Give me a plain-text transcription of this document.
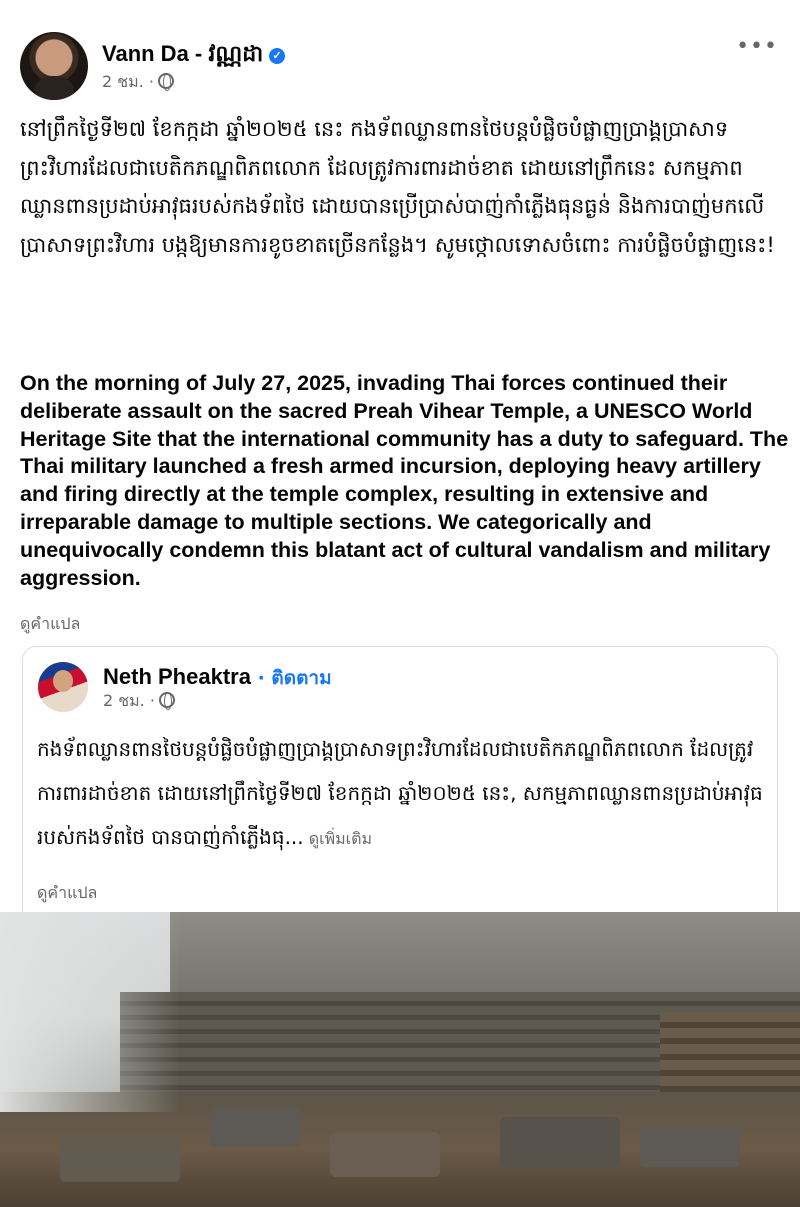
Vann Da - វណ្ណដា ✓
2 ชม. ·
•••
នៅព្រឹកថ្ងៃទី២៧ ខែកក្កដា ឆ្នាំ២០២៥ នេះ កងទ័ពឈ្លានពានថៃបន្តបំផ្លិចបំផ្លាញប្រាង្គប្រាសាទព្រះវិហារដែលជាបេតិកភណ្ឌពិភពលោក ដែលត្រូវការពារដាច់ខាត ដោយនៅព្រឹកនេះ សកម្មភាពឈ្លានពានប្រដាប់អាវុធរបស់កងទ័ពថៃ ដោយបានប្រើប្រាស់បាញ់កាំភ្លើងធុនធ្ងន់ និងការបាញ់មកលើប្រាសាទព្រះវិហារ បង្កឱ្យមានការខូចខាតច្រើនកន្លែង។ សូមថ្កោលទោសចំពោះ ការបំផ្លិចបំផ្លាញនេះ!
On the morning of July 27, 2025, invading Thai forces continued their deliberate assault on the sacred Preah Vihear Temple, a UNESCO World Heritage Site that the international community has a duty to safeguard. The Thai military launched a fresh armed incursion, deploying heavy artillery and firing directly at the temple complex, resulting in extensive and irreparable damage to multiple sections. We categorically and unequivocally condemn this blatant act of cultural vandalism and military aggression.
ดูคำแปล
Neth Pheaktra · ติดตาม
2 ชม. ·
កងទ័ពឈ្លានពានថៃបន្តបំផ្លិចបំផ្លាញប្រាង្គប្រាសាទព្រះវិហារដែលជាបេតិកភណ្ឌពិភពលោក ដែលត្រូវការពារដាច់ខាត ដោយនៅព្រឹកថ្ងៃទី២៧ ខែកក្កដា ឆ្នាំ២០២៥ នេះ, សកម្មភាពឈ្លានពានប្រដាប់អាវុធរបស់កងទ័ពថៃ បានបាញ់កាំភ្លើងធុ... ดูเพิ่มเติม
ดูคำแปล
